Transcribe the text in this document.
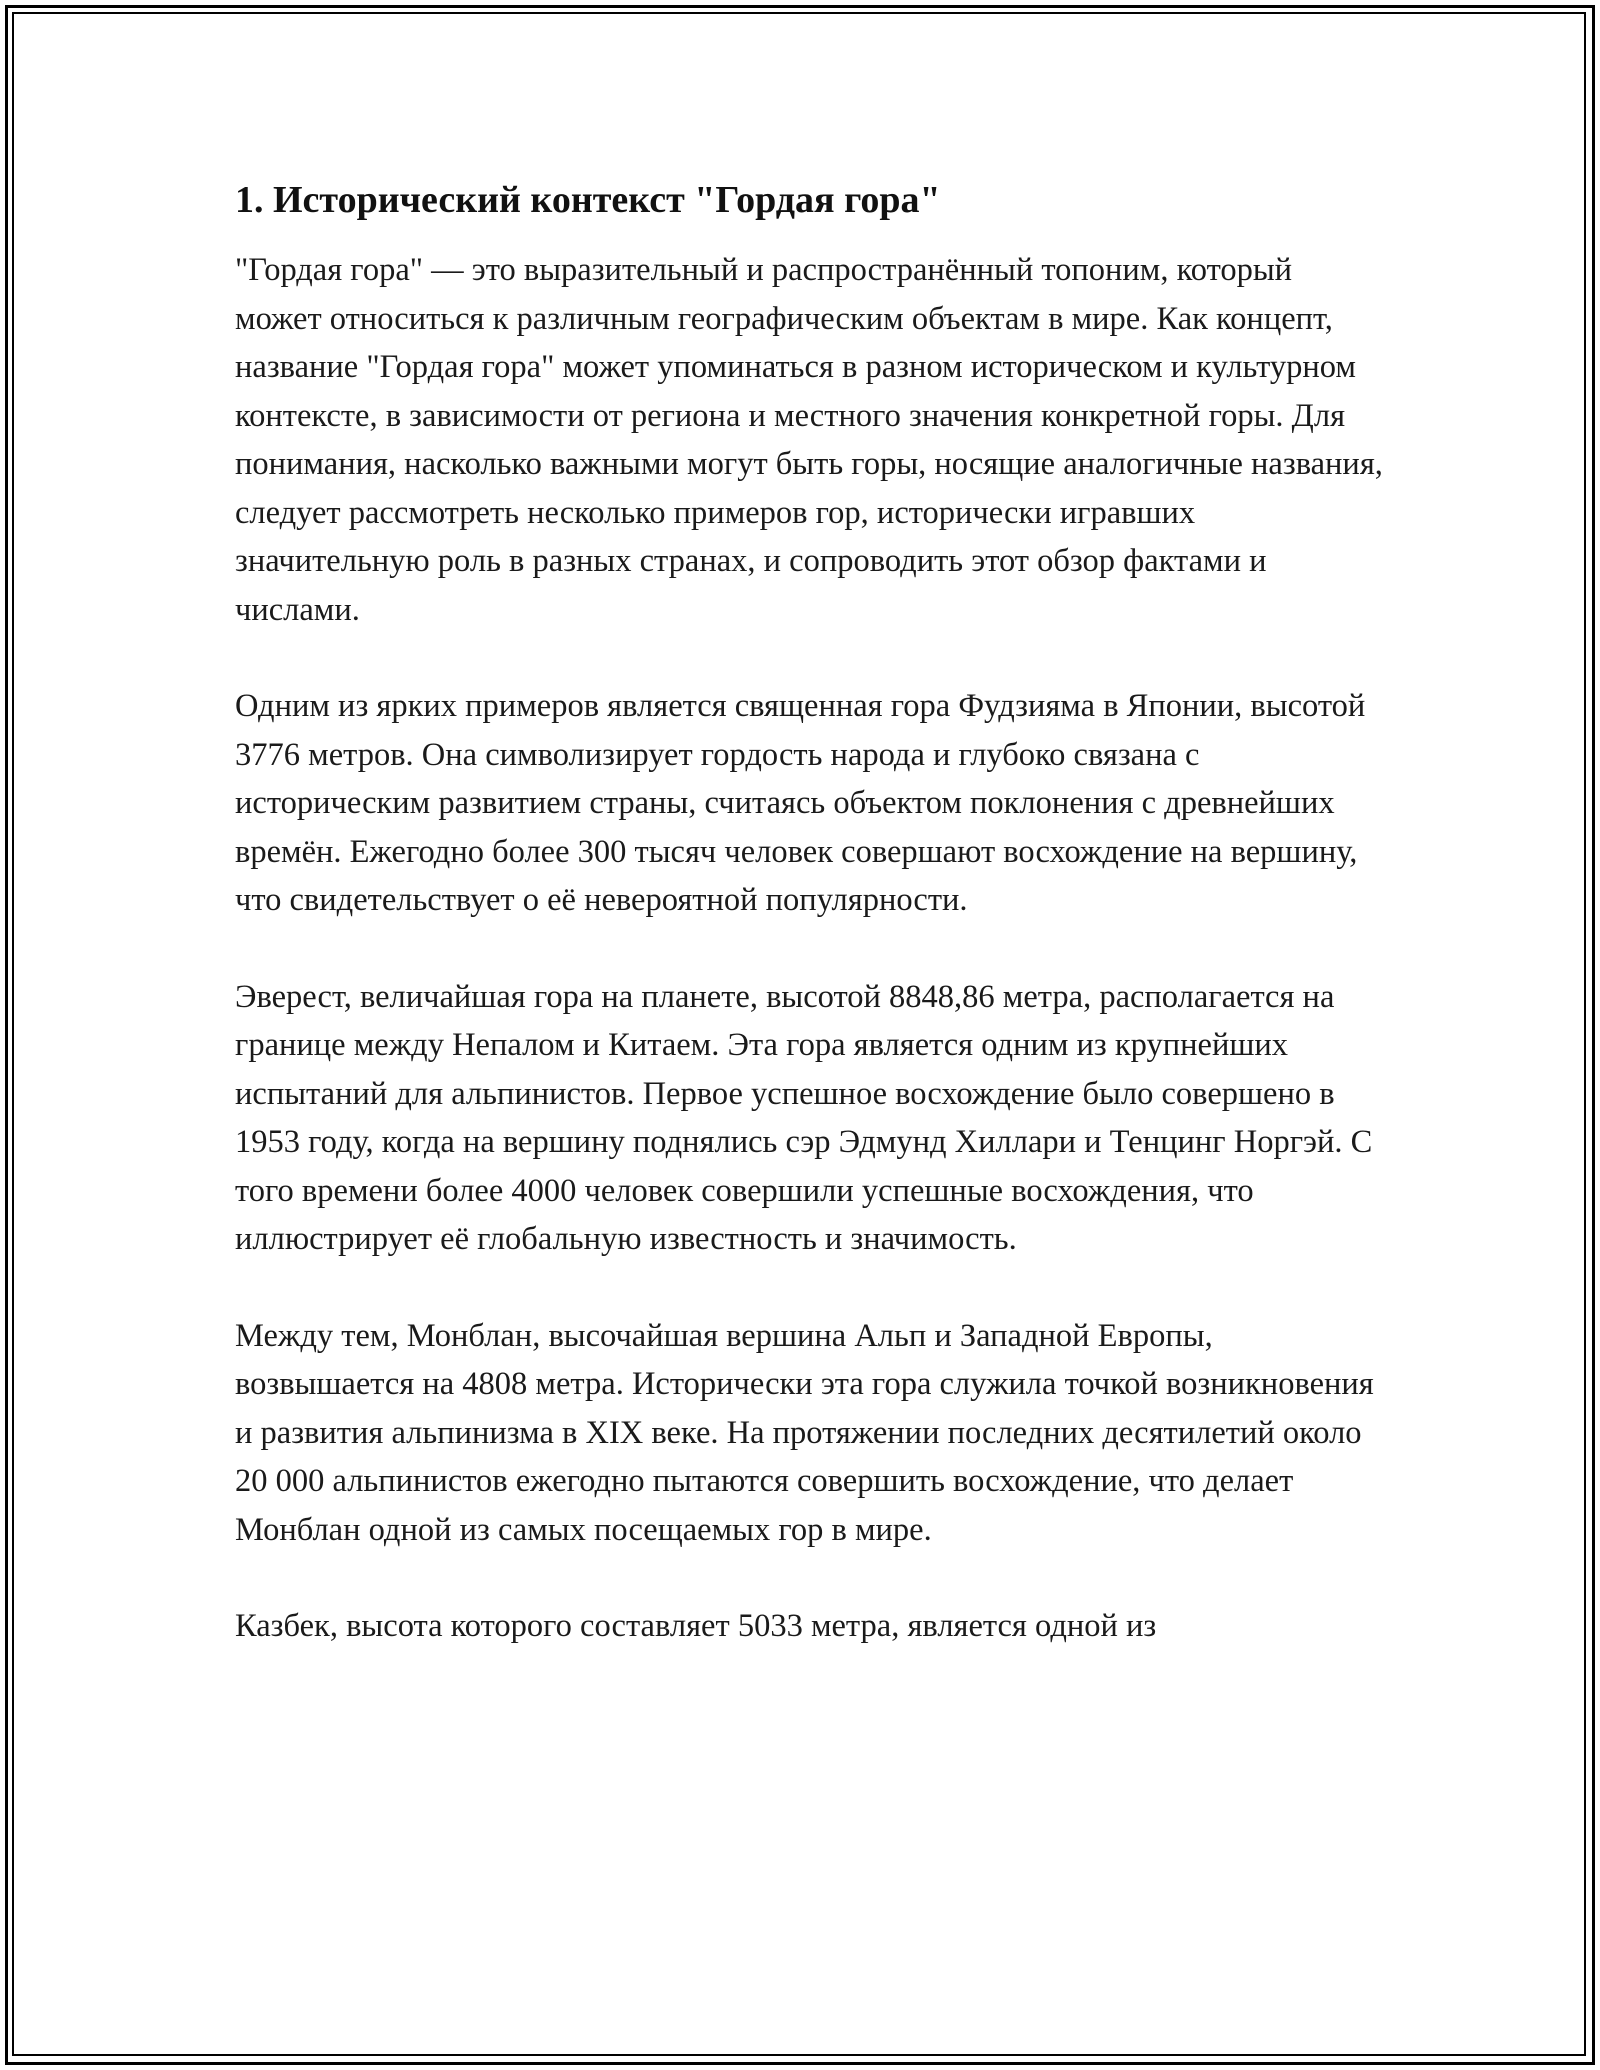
1. Исторический контекст "Гордая гора"

"Гордая гора" — это выразительный и распространённый топоним, который может относиться к различным географическим объектам в мире. Как концепт, название "Гордая гора" может упоминаться в разном историческом и культурном контексте, в зависимости от региона и местного значения конкретной горы. Для понимания, насколько важными могут быть горы, носящие аналогичные названия, следует рассмотреть несколько примеров гор, исторически игравших значительную роль в разных странах, и сопроводить этот обзор фактами и числами.

Одним из ярких примеров является священная гора Фудзияма в Японии, высотой 3776 метров. Она символизирует гордость народа и глубоко связана с историческим развитием страны, считаясь объектом поклонения с древнейших времён. Ежегодно более 300 тысяч человек совершают восхождение на вершину, что свидетельствует о её невероятной популярности.

Эверест, величайшая гора на планете, высотой 8848,86 метра, располагается на границе между Непалом и Китаем. Эта гора является одним из крупнейших испытаний для альпинистов. Первое успешное восхождение было совершено в 1953 году, когда на вершину поднялись сэр Эдмунд Хиллари и Тенцинг Норгэй. С того времени более 4000 человек совершили успешные восхождения, что иллюстрирует её глобальную известность и значимость.

Между тем, Монблан, высочайшая вершина Альп и Западной Европы, возвышается на 4808 метра. Исторически эта гора служила точкой возникновения и развития альпинизма в XIX веке. На протяжении последних десятилетий около 20 000 альпинистов ежегодно пытаются совершить восхождение, что делает Монблан одной из самых посещаемых гор в мире.

Казбек, высота которого составляет 5033 метра, является одной из
